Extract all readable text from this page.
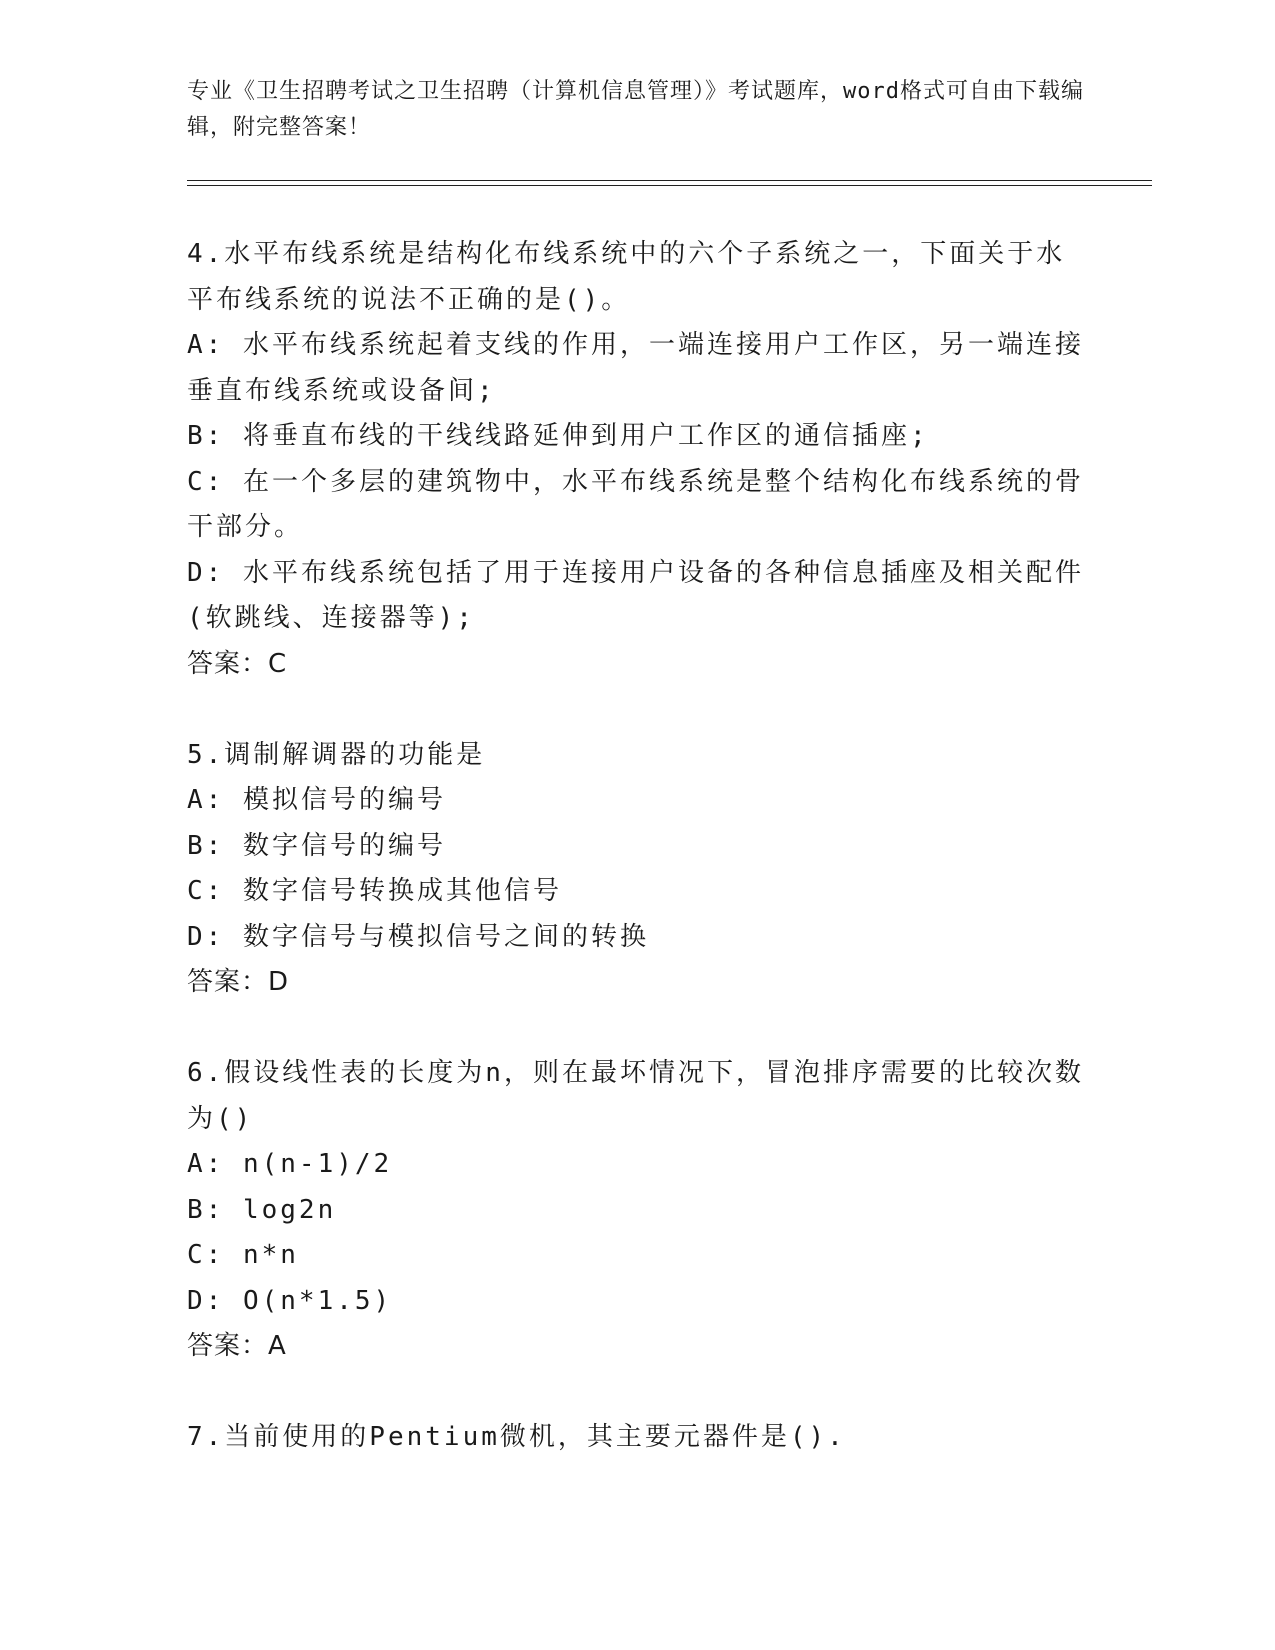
专业《卫生招聘考试之卫生招聘（计算机信息管理）》考试题库，word格式可自由下载编辑，附完整答案！

4.水平布线系统是结构化布线系统中的六个子系统之一，下面关于水平布线系统的说法不正确的是()。

A: 水平布线系统起着支线的作用，一端连接用户工作区，另一端连接垂直布线系统或设备间;

B: 将垂直布线的干线线路延伸到用户工作区的通信插座;

C: 在一个多层的建筑物中，水平布线系统是整个结构化布线系统的骨干部分。

D: 水平布线系统包括了用于连接用户设备的各种信息插座及相关配件(软跳线、连接器等);

答案：C

5.调制解调器的功能是

A: 模拟信号的编号

B: 数字信号的编号

C: 数字信号转换成其他信号

D: 数字信号与模拟信号之间的转换

答案：D

6.假设线性表的长度为n，则在最坏情况下，冒泡排序需要的比较次数为()

A: n(n-1)/2

B: log2n

C: n*n

D: O(n*1.5)

答案：A

7.当前使用的Pentium微机，其主要元器件是().
